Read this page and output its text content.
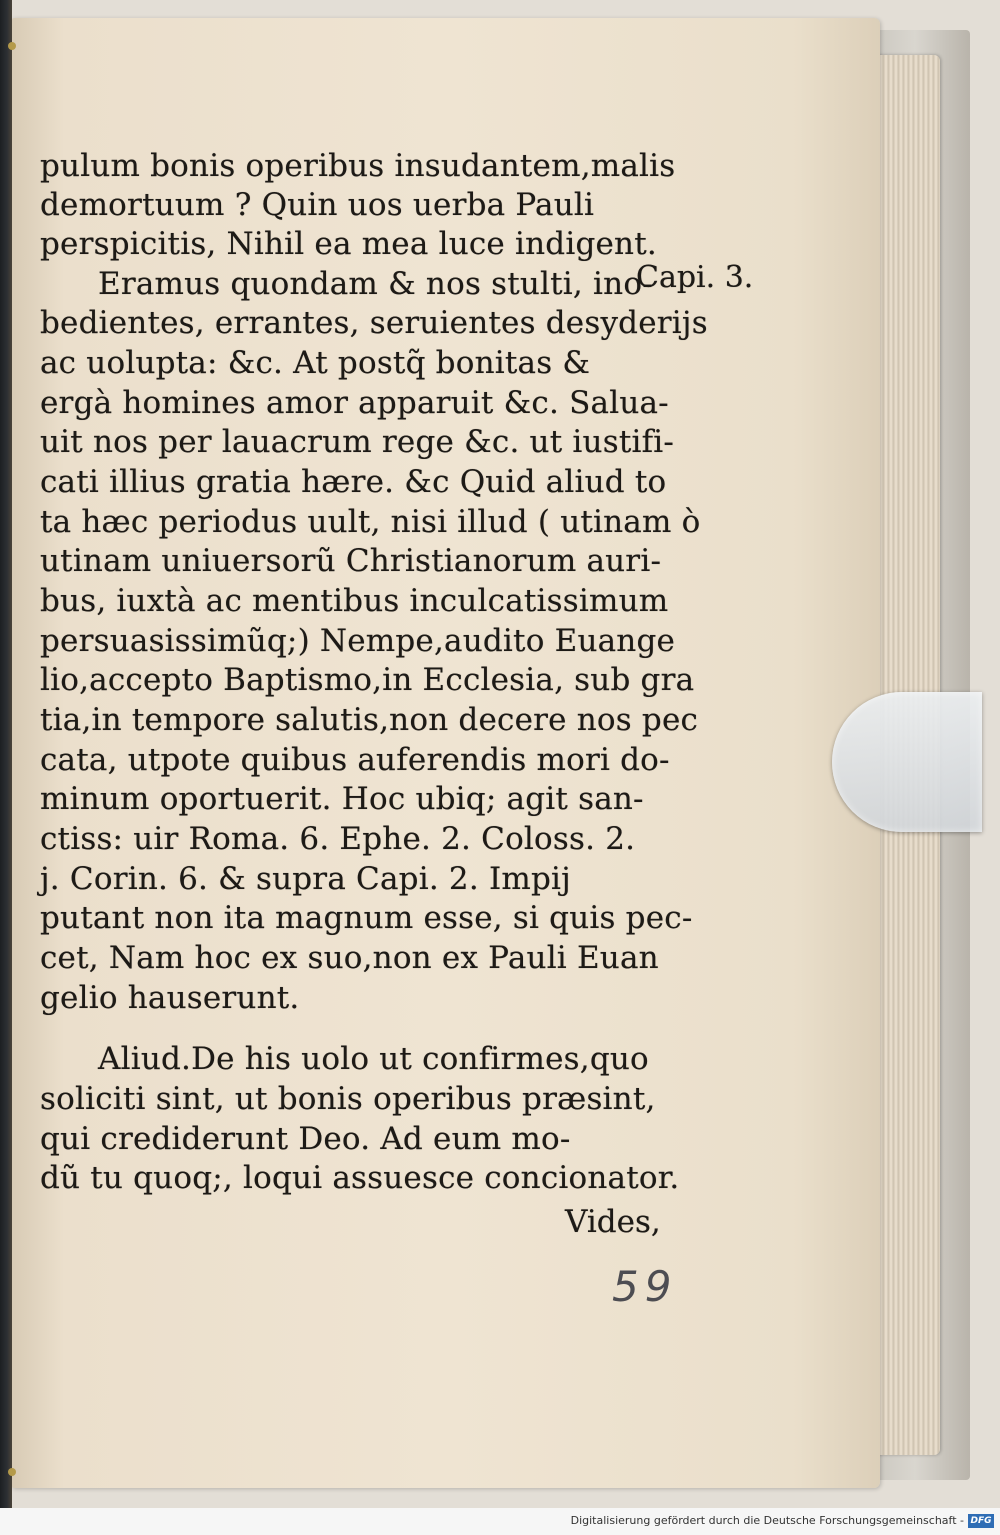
pulum bonis operibus insudantem,malis
demortuum ? Quin uos uerba Pauli
perspicitis, Nihil ea mea luce indigent.
Eramus quondam & nos stulti, ino-
bedientes, errantes, seruientes desyderijs
ac uolupta: &c. At postq̃ bonitas &
ergà homines amor apparuit &c. Salua-
uit nos per lauacrum rege &c. ut iustifi-
cati illius gratia hære. &c Quid aliud to
ta hæc periodus uult, nisi illud ( utinam ò
utinam uniuersorũ Christianorum auri-
bus, iuxtà ac mentibus inculcatissimum
persuasissimũq;) Nempe,audito Euange
lio,accepto Baptismo,in Ecclesia, sub gra
tia,in tempore salutis,non decere nos pec
cata, utpote quibus auferendis mori do-
minum oportuerit. Hoc ubiq; agit san-
ctiss: uir Roma. 6. Ephe. 2. Coloss. 2.
j. Corin. 6. & supra Capi. 2. Impij
putant non ita magnum esse, si quis pec-
cet, Nam hoc ex suo,non ex Pauli Euan
gelio hauserunt.
Aliud.De his uolo ut confirmes,quo
soliciti sint, ut bonis operibus præsint,
qui crediderunt Deo. Ad eum mo-
dũ tu quoq;, loqui assuesce concionator.
Capi. 3.
Vides,
59
Digitalisierung gefördert durch die Deutsche Forschungsgemeinschaft - DFG
